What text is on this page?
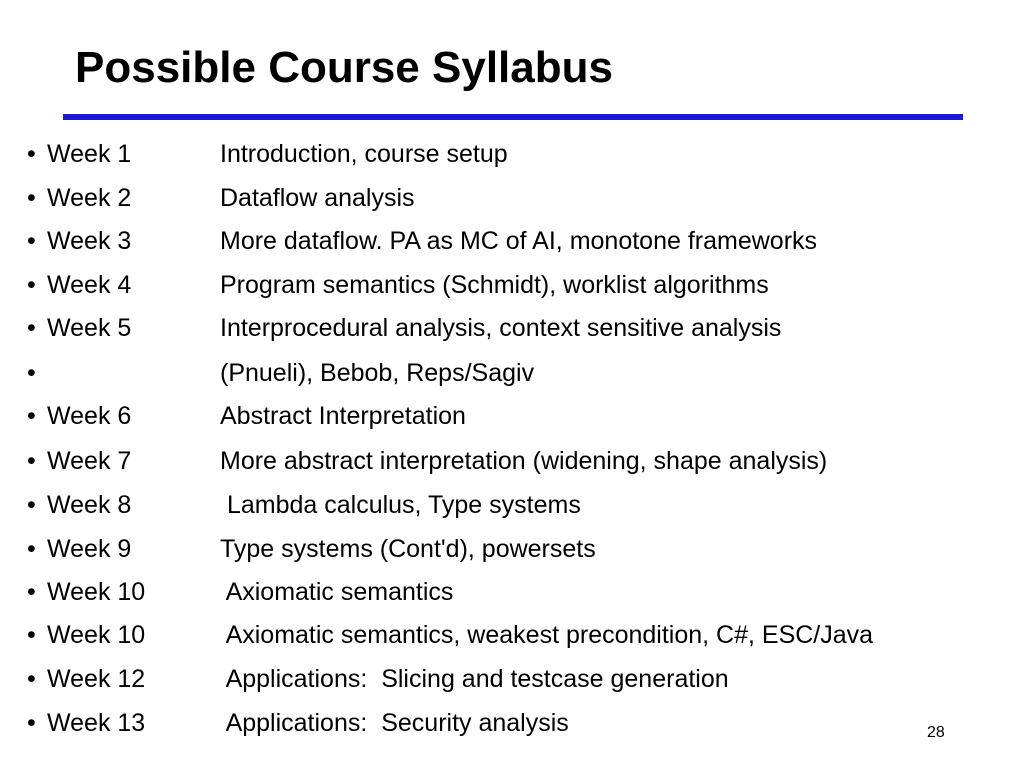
Possible Course Syllabus
• Week 1	Introduction, course setup
• Week 2	Dataflow analysis
• Week 3	More dataflow. PA as MC of AI, monotone frameworks
• Week 4	Program semantics (Schmidt), worklist algorithms
• Week 5	Interprocedural analysis, context sensitive analysis
•	(Pnueli), Bebob, Reps/Sagiv
• Week 6	Abstract Interpretation
• Week 7	More abstract interpretation (widening, shape analysis)
• Week 8	Lambda calculus, Type systems
• Week 9	Type systems (Cont'd), powersets
• Week 10	Axiomatic semantics
• Week 10	Axiomatic semantics, weakest precondition, C#, ESC/Java
• Week 12	Applications:  Slicing and testcase generation
• Week 13	Applications:  Security analysis	28
